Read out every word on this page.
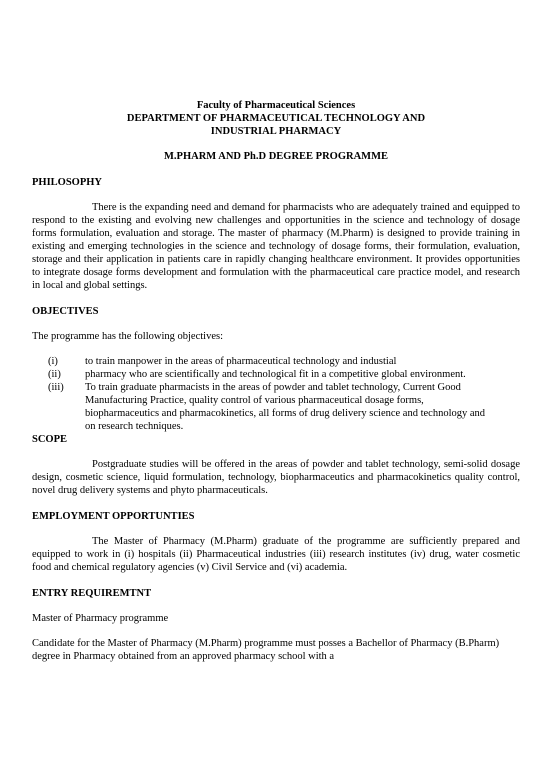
Faculty of Pharmaceutical Sciences

DEPARTMENT OF PHARMACEUTICAL TECHNOLOGY AND

INDUSTRIAL PHARMACY

M.PHARM AND Ph.D DEGREE PROGRAMME

PHILOSOPHY

There is the expanding need and demand for pharmacists who are adequately trained and equipped to respond to the existing and evolving new challenges and opportunities in the science and technology of dosage forms formulation, evaluation and storage. The master of pharmacy (M.Pharm) is designed to provide training in existing and emerging technologies in the science and technology of dosage forms, their formulation, evaluation, storage and their application in patients care in rapidly changing healthcare environment. It provides opportunities to integrate dosage forms development and formulation with the pharmaceutical care practice model, and research in local and global settings.

OBJECTIVES

The programme has the following objectives:

(i)	to train manpower in the areas of pharmaceutical technology and industial
(ii)	pharmacy who are scientifically and technological fit in a competitive global environment.
(iii)	To train graduate pharmacists in the areas of powder and tablet technology, Current Good Manufacturing Practice, quality control of various pharmaceutical dosage forms, biopharmaceutics and pharmacokinetics, all forms of drug delivery science and technology and on research techniques.

SCOPE

Postgraduate studies will be offered in the areas of powder and tablet technology, semi-solid dosage design, cosmetic science, liquid formulation, technology, biopharmaceutics and pharmacokinetics quality control, novel drug delivery systems and phyto pharmaceuticals.

EMPLOYMENT OPPORTUNTIES

The Master of Pharmacy (M.Pharm) graduate of the programme are sufficiently prepared and equipped to work in (i) hospitals (ii) Pharmaceutical industries (iii) research institutes (iv) drug, water cosmetic food and chemical regulatory agencies (v) Civil Service and (vi) academia.

ENTRY REQUIREMTNT

Master of Pharmacy programme

Candidate for the Master of Pharmacy (M.Pharm) programme must posses a Bachellor of Pharmacy (B.Pharm) degree in Pharmacy obtained from an approved pharmacy school with a
